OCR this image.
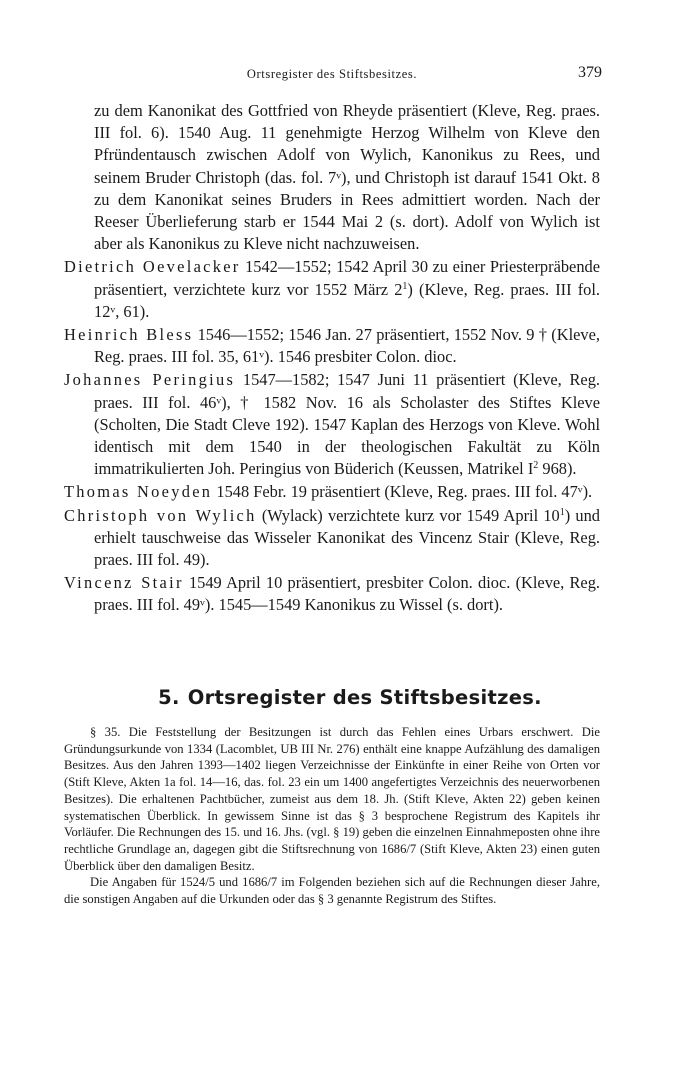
Ortsregister des Stiftsbesitzes.	379

zu dem Kanonikat des Gottfried von Rheyde präsentiert (Kleve, Reg. praes. III fol. 6). 1540 Aug. 11 genehmigte Herzog Wilhelm von Kleve den Pfründentausch zwischen Adolf von Wylich, Kanonikus zu Rees, und seinem Bruder Christoph (das. fol. 7ᵛ), und Christoph ist darauf 1541 Okt. 8 zu dem Kanonikat seines Bruders in Rees admittiert worden. Nach der Reeser Überlieferung starb er 1544 Mai 2 (s. dort). Adolf von Wylich ist aber als Kanonikus zu Kleve nicht nachzuweisen.

Dietrich Oevelacker 1542—1552; 1542 April 30 zu einer Priesterpräbende präsentiert, verzichtete kurz vor 1552 März $2^1$) (Kleve, Reg. praes. III fol. 12ᵛ, 61).

Heinrich Bless 1546—1552; 1546 Jan. 27 präsentiert, 1552 Nov. 9 † (Kleve, Reg. praes. III fol. 35, 61ᵛ). 1546 presbiter Colon. dioc.

Johannes Peringius 1547—1582; 1547 Juni 11 präsentiert (Kleve, Reg. praes. III fol. 46ᵛ), † 1582 Nov. 16 als Scholaster des Stiftes Kleve (Scholten, Die Stadt Cleve 192). 1547 Kaplan des Herzogs von Kleve. Wohl identisch mit dem 1540 in der theologischen Fakultät zu Köln immatrikulierten Joh. Peringius von Büderich (Keussen, Matrikel $I^2$ 968).

Thomas Noeyden 1548 Febr. 19 präsentiert (Kleve, Reg. praes. III fol. 47ᵛ).

Christoph von Wylich (Wylack) verzichtete kurz vor 1549 April $10^1$) und erhielt tauschweise das Wisseler Kanonikat des Vincenz Stair (Kleve, Reg. praes. III fol. 49).

Vincenz Stair 1549 April 10 präsentiert, presbiter Colon. dioc. (Kleve, Reg. praes. III fol. 49ᵛ). 1545—1549 Kanonikus zu Wissel (s. dort).

5. Ortsregister des Stiftsbesitzes.

§ 35. Die Feststellung der Besitzungen ist durch das Fehlen eines Urbars erschwert. Die Gründungsurkunde von 1334 (Lacomblet, UB III Nr. 276) enthält eine knappe Aufzählung des damaligen Besitzes. Aus den Jahren 1393—1402 liegen Verzeichnisse der Einkünfte in einer Reihe von Orten vor (Stift Kleve, Akten 1a fol. 14—16, das. fol. 23 ein um 1400 angefertigtes Verzeichnis des neuerworbenen Besitzes). Die erhaltenen Pachtbücher, zumeist aus dem 18. Jh. (Stift Kleve, Akten 22) geben keinen systematischen Überblick. In gewissem Sinne ist das § 3 besprochene Registrum des Kapitels ihr Vorläufer. Die Rechnungen des 15. und 16. Jhs. (vgl. § 19) geben die einzelnen Einnahmeposten ohne ihre rechtliche Grundlage an, dagegen gibt die Stiftsrechnung von 1686/7 (Stift Kleve, Akten 23) einen guten Überblick über den damaligen Besitz.

Die Angaben für 1524/5 und 1686/7 im Folgenden beziehen sich auf die Rechnungen dieser Jahre, die sonstigen Angaben auf die Urkunden oder das § 3 genannte Registrum des Stiftes.
